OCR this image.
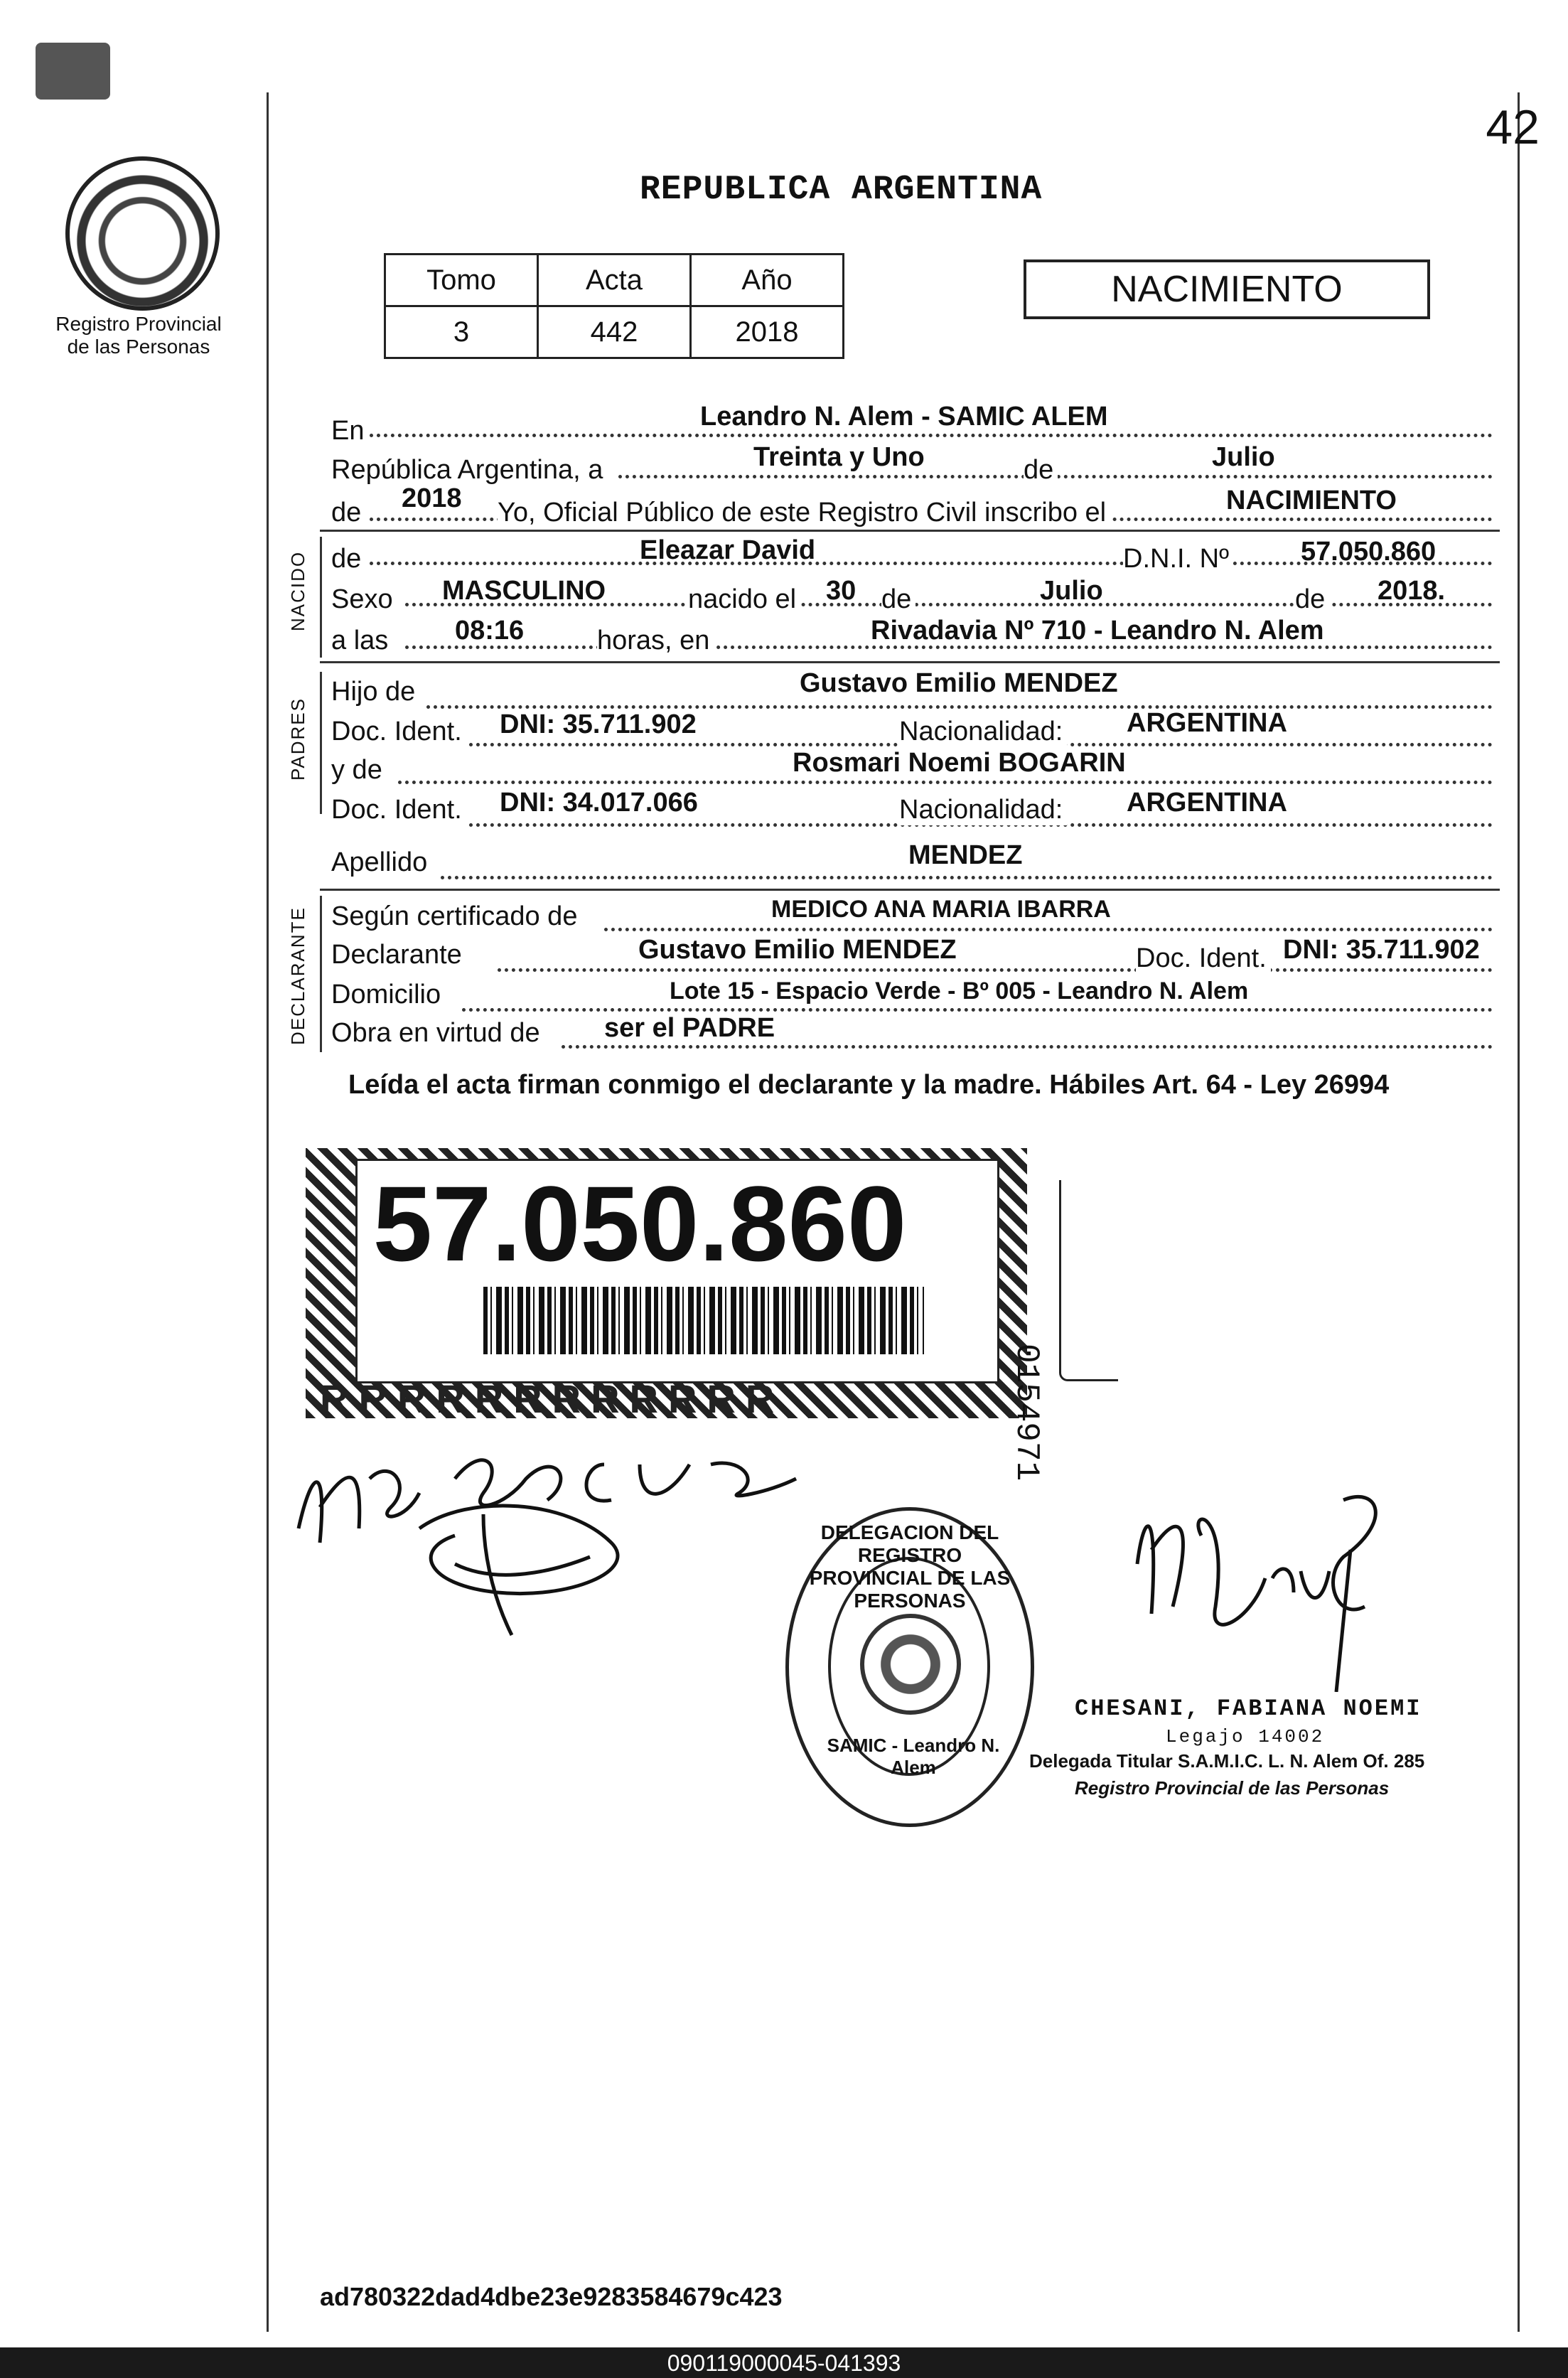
42
REPUBLICA ARGENTINA
Registro Provincial
de las Personas
Tomo	Acta	Año
3	442	2018
NACIMIENTO
En	Leandro N. Alem - SAMIC ALEM
República Argentina, a	Treinta y Uno	de	Julio
de 2018 Yo, Oficial Público de este Registro Civil inscribo el	NACIMIENTO
NACIDO de	Eleazar David	D.N.I. Nº	57.050.860
Sexo MASCULINO	nacido el 30 de	Julio	de 2018.
a las 08:16	horas, en	Rivadavia Nº 710 - Leandro N. Alem
PADRES
Hijo de	Gustavo Emilio MENDEZ
Doc. Ident. DNI: 35.711.902	Nacionalidad: ARGENTINA
y de	Rosmari Noemi BOGARIN
Doc. Ident. DNI: 34.017.066	Nacionalidad: ARGENTINA
Apellido	MENDEZ
DECLARANTE Según certificado de	MEDICO ANA MARIA IBARRA
Declarante	Gustavo Emilio MENDEZ	Doc. Ident. DNI: 35.711.902
Domicilio	Lote 15 - Espacio Verde - Bº 005 - Leandro N. Alem
Obra en virtud de ser el PADRE
Leída el acta firman conmigo el declarante y la madre. Hábiles Art. 64 - Ley 26994
57.050.860
RRRRRRRRRRRR	0154971
DELEGACION DEL REGISTRO PROVINCIAL DE LAS PERSONAS
SAMIC - Leandro N. Alem
CHESANI, FABIANA NOEMI
Legajo 14002
Delegada Titular S.A.M.I.C. L. N. Alem Of. 285
Registro Provincial de las Personas
ad780322dad4dbe23e9283584679c423
090119000045-041393
